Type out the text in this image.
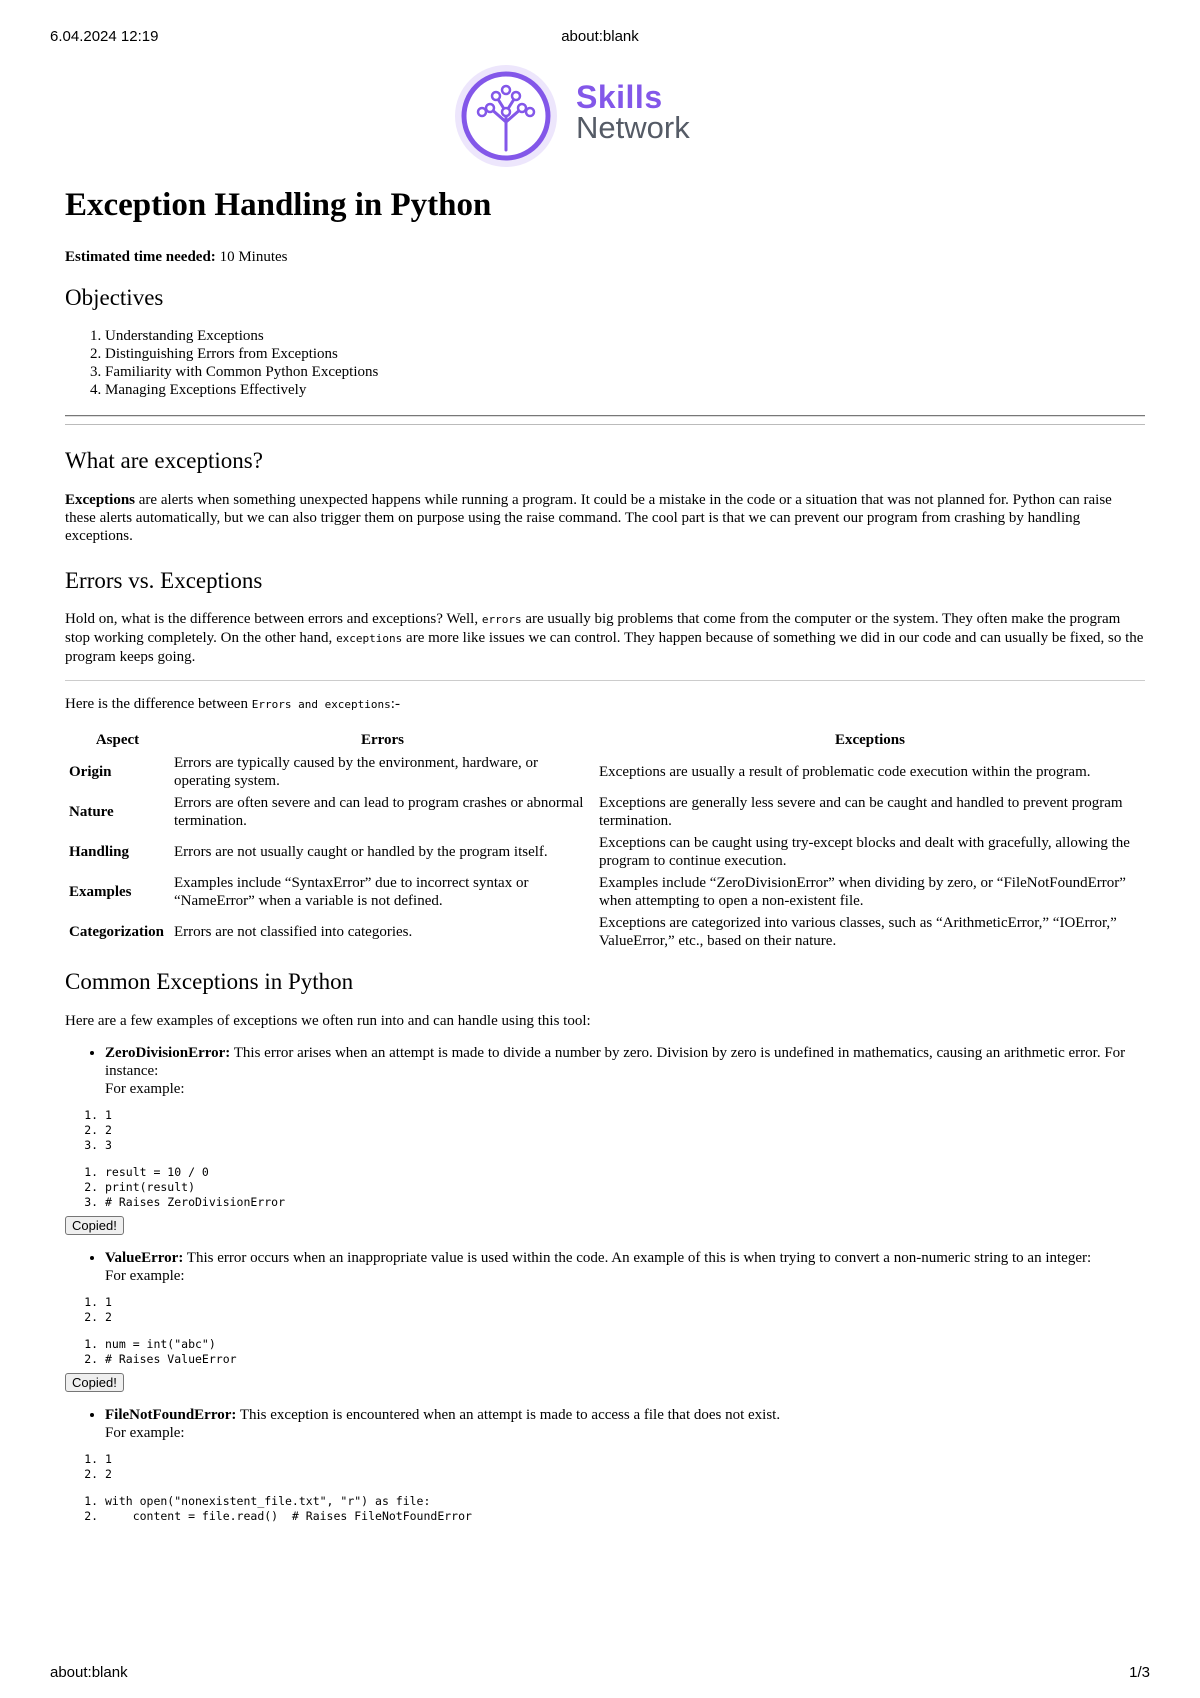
6.04.2024 12:19	about:blank
Skills
Network
Exception Handling in Python

Estimated time needed: 10 Minutes

Objectives
1. Understanding Exceptions
2. Distinguishing Errors from Exceptions
3. Familiarity with Common Python Exceptions
4. Managing Exceptions Effectively
What are exceptions?

Exceptions are alerts when something unexpected happens while running a program. It could be a mistake in the code or a situation that was not planned for. Python can raise these alerts automatically, but we can also trigger them on purpose using the raise command. The cool part is that we can prevent our program from crashing by handling exceptions.

Errors vs. Exceptions

Hold on, what is the difference between errors and exceptions? Well, errors are usually big problems that come from the computer or the system. They often make the program stop working completely. On the other hand, exceptions are more like issues we can control. They happen because of something we did in our code and can usually be fixed, so the program keeps going.

Here is the difference between Errors and exceptions:-

Aspect	Errors	Exceptions
Origin	Errors are typically caused by the environment, hardware, or operating system.	Exceptions are usually a result of problematic code execution within the program.
Nature	Errors are often severe and can lead to program crashes or abnormal termination.	Exceptions are generally less severe and can be caught and handled to prevent program termination.
Handling	Errors are not usually caught or handled by the program itself.	Exceptions can be caught using try-except blocks and dealt with gracefully, allowing the program to continue execution.
Examples	Examples include “SyntaxError” due to incorrect syntax or “NameError” when a variable is not defined.	Examples include “ZeroDivisionError” when dividing by zero, or “FileNotFoundError” when attempting to open a non-existent file.
Categorization	Errors are not classified into categories.	Exceptions are categorized into various classes, such as “ArithmeticError,” “IOError,” ValueError,” etc., based on their nature.
Common Exceptions in Python

Here are a few examples of exceptions we often run into and can handle using this tool:

• ZeroDivisionError: This error arises when an attempt is made to divide a number by zero. Division by zero is undefined in mathematics, causing an arithmetic error. For instance:
For example:
1. 1
2. 2
3. 3
1. result = 10 / 0
2. print(result)
3. # Raises ZeroDivisionError
Copied!
• ValueError: This error occurs when an inappropriate value is used within the code. An example of this is when trying to convert a non-numeric string to an integer:
For example:
1. 1
2. 2
1. num = int("abc")
2. # Raises ValueError
Copied!
• FileNotFoundError: This exception is encountered when an attempt is made to access a file that does not exist.
For example:
1. 1
2. 2
1. with open("nonexistent_file.txt", "r") as file:
2.     content = file.read()  # Raises FileNotFoundError
about:blank	1/3
